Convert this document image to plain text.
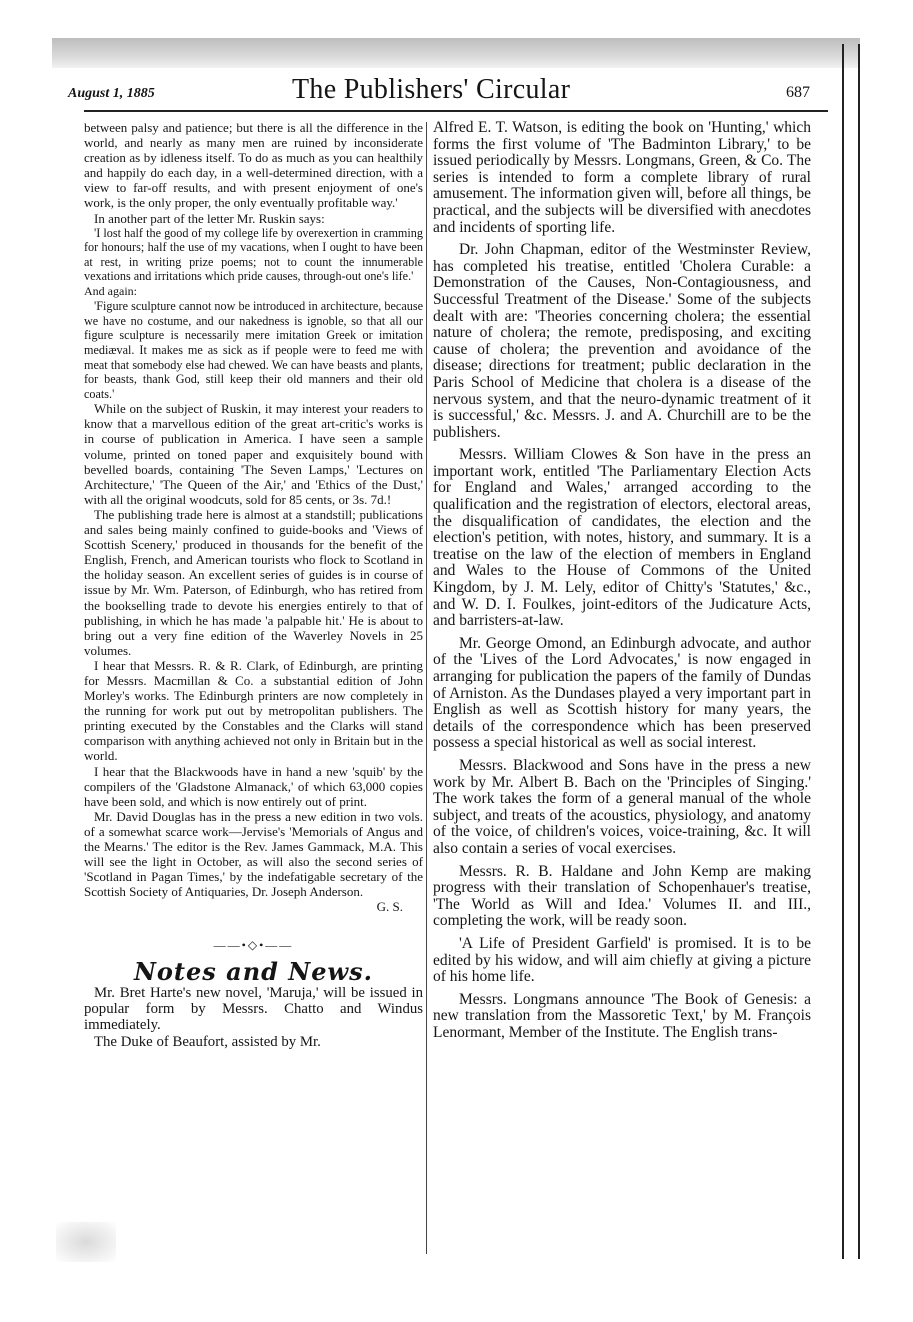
August 1, 1885	The Publishers' Circular	687

between palsy and patience; but there is all the difference in the world, and nearly as many men are ruined by inconsiderate creation as by idleness itself. To do as much as you can healthily and happily do each day, in a well-determined direction, with a view to far-off results, and with present enjoyment of one's work, is the only proper, the only eventually profitable way.'

In another part of the letter Mr. Ruskin says:

'I lost half the good of my college life by overexertion in cramming for honours; half the use of my vacations, when I ought to have been at rest, in writing prize poems; not to count the innumerable vexations and irritations which pride causes, through-out one's life.'

And again:

'Figure sculpture cannot now be introduced in architecture, because we have no costume, and our nakedness is ignoble, so that all our figure sculpture is necessarily mere imitation Greek or imitation mediæval. It makes me as sick as if people were to feed me with meat that somebody else had chewed. We can have beasts and plants, for beasts, thank God, still keep their old manners and their old coats.'

While on the subject of Ruskin, it may interest your readers to know that a marvellous edition of the great art-critic's works is in course of publication in America. I have seen a sample volume, printed on toned paper and exquisitely bound with bevelled boards, containing 'The Seven Lamps,' 'Lectures on Architecture,' 'The Queen of the Air,' and 'Ethics of the Dust,' with all the original woodcuts, sold for 85 cents, or 3s. 7d.!

The publishing trade here is almost at a standstill; publications and sales being mainly confined to guide-books and 'Views of Scottish Scenery,' produced in thousands for the benefit of the English, French, and American tourists who flock to Scotland in the holiday season. An excellent series of guides is in course of issue by Mr. Wm. Paterson, of Edinburgh, who has retired from the bookselling trade to devote his energies entirely to that of publishing, in which he has made 'a palpable hit.' He is about to bring out a very fine edition of the Waverley Novels in 25 volumes.

I hear that Messrs. R. & R. Clark, of Edinburgh, are printing for Messrs. Macmillan & Co. a substantial edition of John Morley's works. The Edinburgh printers are now completely in the running for work put out by metropolitan publishers. The printing executed by the Constables and the Clarks will stand comparison with anything achieved not only in Britain but in the world.

I hear that the Blackwoods have in hand a new 'squib' by the compilers of the 'Gladstone Almanack,' of which 63,000 copies have been sold, and which is now entirely out of print.

Mr. David Douglas has in the press a new edition in two vols. of a somewhat scarce work—Jervise's 'Memorials of Angus and the Mearns.' The editor is the Rev. James Gammack, M.A. This will see the light in October, as will also the second series of 'Scotland in Pagan Times,' by the indefatigable secretary of the Scottish Society of Antiquaries, Dr. Joseph Anderson.

G. S.
——•◇•——
Notes and News.

Mr. Bret Harte's new novel, 'Maruja,' will be issued in popular form by Messrs. Chatto and Windus immediately.

The Duke of Beaufort, assisted by Mr.

Alfred E. T. Watson, is editing the book on 'Hunting,' which forms the first volume of 'The Badminton Library,' to be issued periodically by Messrs. Longmans, Green, & Co. The series is intended to form a complete library of rural amusement. The information given will, before all things, be practical, and the subjects will be diversified with anecdotes and incidents of sporting life.

Dr. John Chapman, editor of the Westminster Review, has completed his treatise, entitled 'Cholera Curable: a Demonstration of the Causes, Non-Contagiousness, and Successful Treatment of the Disease.' Some of the subjects dealt with are: 'Theories concerning cholera; the essential nature of cholera; the remote, predisposing, and exciting cause of cholera; the prevention and avoidance of the disease; directions for treatment; public declaration in the Paris School of Medicine that cholera is a disease of the nervous system, and that the neuro-dynamic treatment of it is successful,' &c. Messrs. J. and A. Churchill are to be the publishers.

Messrs. William Clowes & Son have in the press an important work, entitled 'The Parliamentary Election Acts for England and Wales,' arranged according to the qualification and the registration of electors, electoral areas, the disqualification of candidates, the election and the election's petition, with notes, history, and summary. It is a treatise on the law of the election of members in England and Wales to the House of Commons of the United Kingdom, by J. M. Lely, editor of Chitty's 'Statutes,' &c., and W. D. I. Foulkes, joint-editors of the Judicature Acts, and barristers-at-law.

Mr. George Omond, an Edinburgh advocate, and author of the 'Lives of the Lord Advocates,' is now engaged in arranging for publication the papers of the family of Dundas of Arniston. As the Dundases played a very important part in English as well as Scottish history for many years, the details of the correspondence which has been preserved possess a special historical as well as social interest.

Messrs. Blackwood and Sons have in the press a new work by Mr. Albert B. Bach on the 'Principles of Singing.' The work takes the form of a general manual of the whole subject, and treats of the acoustics, physiology, and anatomy of the voice, of children's voices, voice-training, &c. It will also contain a series of vocal exercises.

Messrs. R. B. Haldane and John Kemp are making progress with their translation of Schopenhauer's treatise, 'The World as Will and Idea.' Volumes II. and III., completing the work, will be ready soon.

'A Life of President Garfield' is promised. It is to be edited by his widow, and will aim chiefly at giving a picture of his home life.

Messrs. Longmans announce 'The Book of Genesis: a new translation from the Massoretic Text,' by M. François Lenormant, Member of the Institute. The English trans-
